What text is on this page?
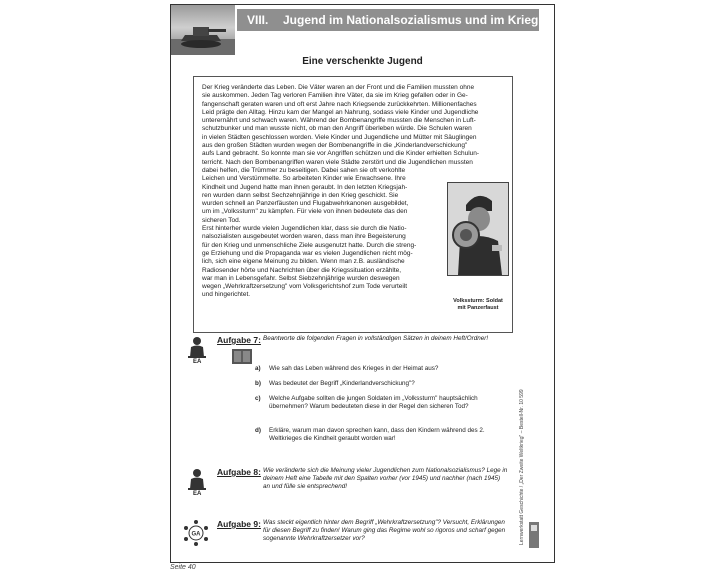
VIII. Jugend im Nationalsozialismus und im Krieg
Eine verschenkte Jugend

Der Krieg veränderte das Leben. Die Väter waren an der Front und die Familien mussten ohne

sie auskommen. Jeden Tag verloren Familien ihre Väter, da sie im Krieg gefallen oder in Ge-

fangenschaft geraten waren und oft erst Jahre nach Kriegsende zurückkehrten. Millionenfaches

Leid prägte den Alltag. Hinzu kam der Mangel an Nahrung, sodass viele Kinder und Jugendliche

unterernährt und schwach waren. Während der Bombenangriffe mussten die Menschen in Luft-

schutzbunker und man wusste nicht, ob man den Angriff überleben würde. Die Schulen waren

in vielen Städten geschlossen worden. Viele Kinder und Jugendliche und Mütter mit Säuglingen

aus den großen Städten wurden wegen der Bombenangriffe in die „Kinderlandverschickung"

aufs Land gebracht. So konnte man sie vor Angriffen schützen und die Kinder erhielten Schulun-

terricht. Nach den Bombenangriffen waren viele Städte zerstört und die Jugendlichen mussten

dabei helfen, die Trümmer zu beseitigen. Dabei sahen sie oft verkohlte

Leichen und Verstümmelte. So arbeiteten Kinder wie Erwachsene. Ihre

Kindheit und Jugend hatte man ihnen geraubt. In den letzten Kriegsjah-

ren wurden dann selbst Sechzehnjährige in den Krieg geschickt. Sie

wurden schnell an Panzerfäusten und Flugabwehrkanonen ausgebildet,

um im „Volkssturm" zu kämpfen. Für viele von ihnen bedeutete das den

sicheren Tod.

Erst hinterher wurde vielen Jugendlichen klar, dass sie durch die Natio-

nalsozialisten ausgebeutet worden waren, dass man ihre Begeisterung

für den Krieg und unmenschliche Ziele ausgenutzt hatte. Durch die streng-

ge Erziehung und die Propaganda war es vielen Jugendlichen nicht mög-

lich, sich eine eigene Meinung zu bilden. Wenn man z.B. ausländische

Radiosender hörte und Nachrichten über die Kriegssituation erzählte,

war man in Lebensgefahr. Selbst Siebzehnjährige wurden deswegen

wegen „Wehrkraftzersetzung" vom Volksgerichtshof zum Tode verurteilt

und hingerichtet.

Volkssturm: Soldat
mit Panzerfaust
EA
Aufgabe 7: Beantworte die folgenden Fragen in vollständigen Sätzen in deinem Heft/Ordner!
a) Wie sah das Leben während des Krieges in der Heimat aus?
b) Was bedeutet der Begriff „Kinderlandverschickung"?
c) Welche Aufgabe sollten die jungen Soldaten im „Volkssturm" hauptsächlich übernehmen? Warum bedeuteten diese in der Regel den sicheren Tod?
d) Erkläre, warum man davon sprechen kann, dass den Kindern während des 2. Weltkrieges die Kindheit geraubt worden war!
EA
Aufgabe 8: Wie veränderte sich die Meinung vieler Jugendlichen zum Nationalsozialismus? Lege in deinem Heft eine Tabelle mit den Spalten vorher (vor 1945) und nachher (nach 1945) an und fülle sie entsprechend!
GA
Aufgabe 9: Was steckt eigentlich hinter dem Begriff „Wehrkraftzersetzung"? Versucht, Erklärungen für diesen Begriff zu finden! Warum ging das Regime wohl so rigoros und scharf gegen sogenannte Wehrkraftzersetzer vor?	Lernwerkstatt Geschichte / „Der Zweite Weltkrieg" – Bestell-Nr. 10 599
Seite 40
